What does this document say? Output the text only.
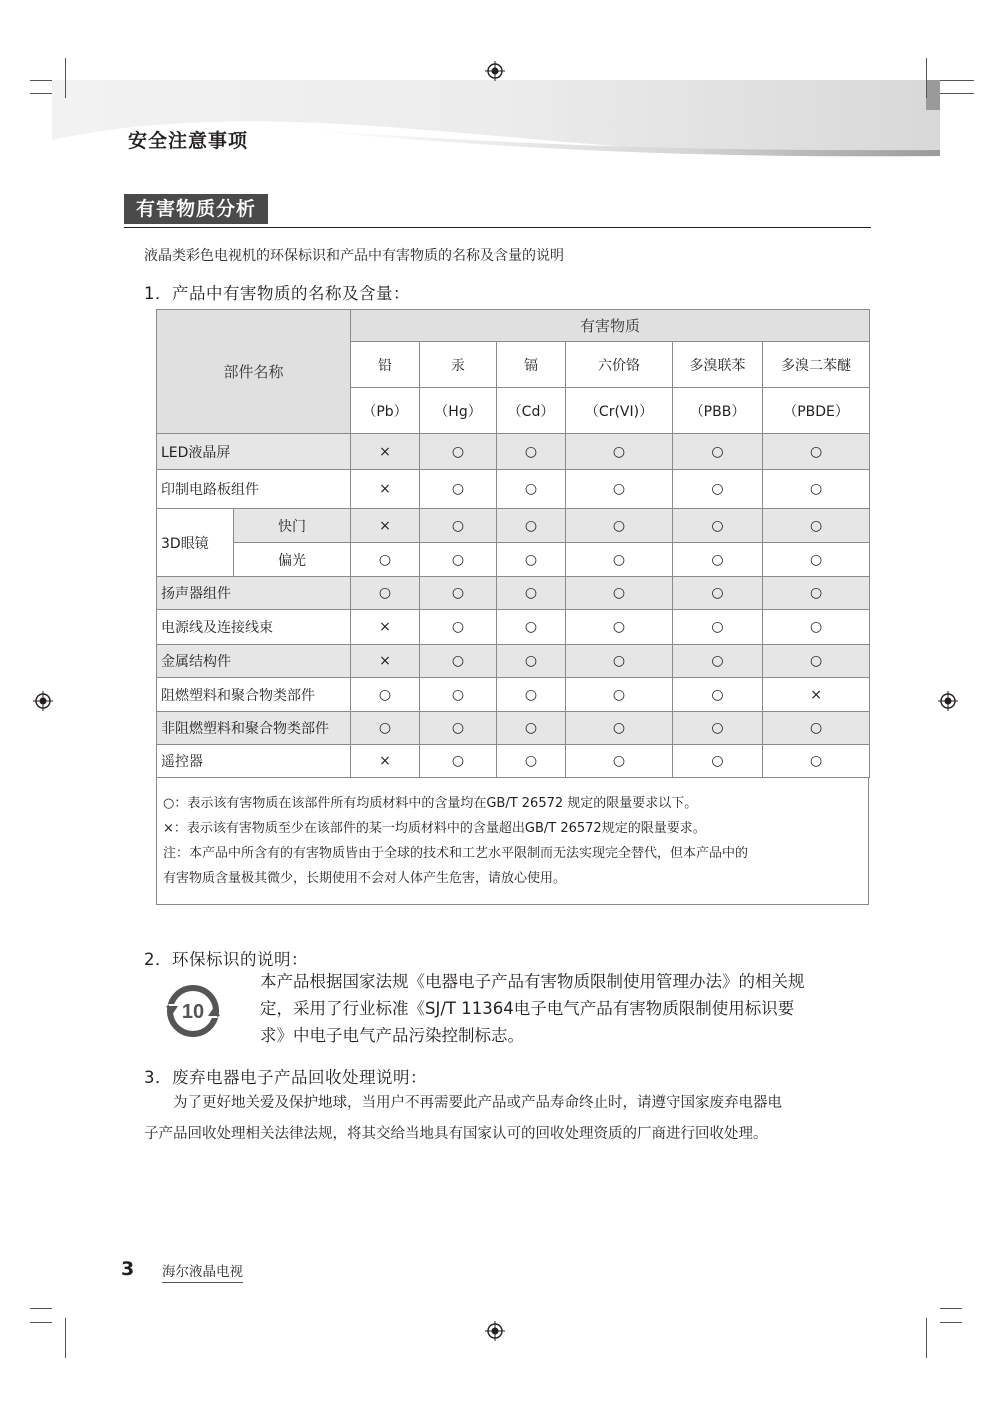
安全注意事项
有害物质分析
液晶类彩色电视机的环保标识和产品中有害物质的名称及含量的说明
1．产品中有害物质的名称及含量：
部件名称		有害物质					
		铅	汞	镉	六价铬	多溴联苯	多溴二苯醚
		（Pb）	（Hg）	（Cd）	（Cr(VI)）	（PBB）	（PBDE）
LED液晶屏		×	○	○	○	○	○
印制电路板组件		×	○	○	○	○	○
3D眼镜	快门	×	○	○	○	○	○
	偏光	○	○	○	○	○	○
扬声器组件		○	○	○	○	○	○
电源线及连接线束		×	○	○	○	○	○
金属结构件		×	○	○	○	○	○
阻燃塑料和聚合物类部件		○	○	○	○	○	×
非阻燃塑料和聚合物类部件		○	○	○	○	○	○
遥控器		×	○	○	○	○	○
○：表示该有害物质在该部件所有均质材料中的含量均在GB/T 26572 规定的限量要求以下。
×：表示该有害物质至少在该部件的某一均质材料中的含量超出GB/T 26572规定的限量要求。
注：本产品中所含有的有害物质皆由于全球的技术和工艺水平限制而无法实现完全替代，但本产品中的
有害物质含量极其微少，长期使用不会对人体产生危害，请放心使用。
2．环保标识的说明：
10
本产品根据国家法规《电器电子产品有害物质限制使用管理办法》的相关规
定，采用了行业标准《SJ/T 11364电子电气产品有害物质限制使用标识要
求》中电子电气产品污染控制标志。
3．废弃电器电子产品回收处理说明：
为了更好地关爱及保护地球，当用户不再需要此产品或产品寿命终止时，请遵守国家废弃电器电
子产品回收处理相关法律法规，将其交给当地具有国家认可的回收处理资质的厂商进行回收处理。
3 海尔液晶电视
